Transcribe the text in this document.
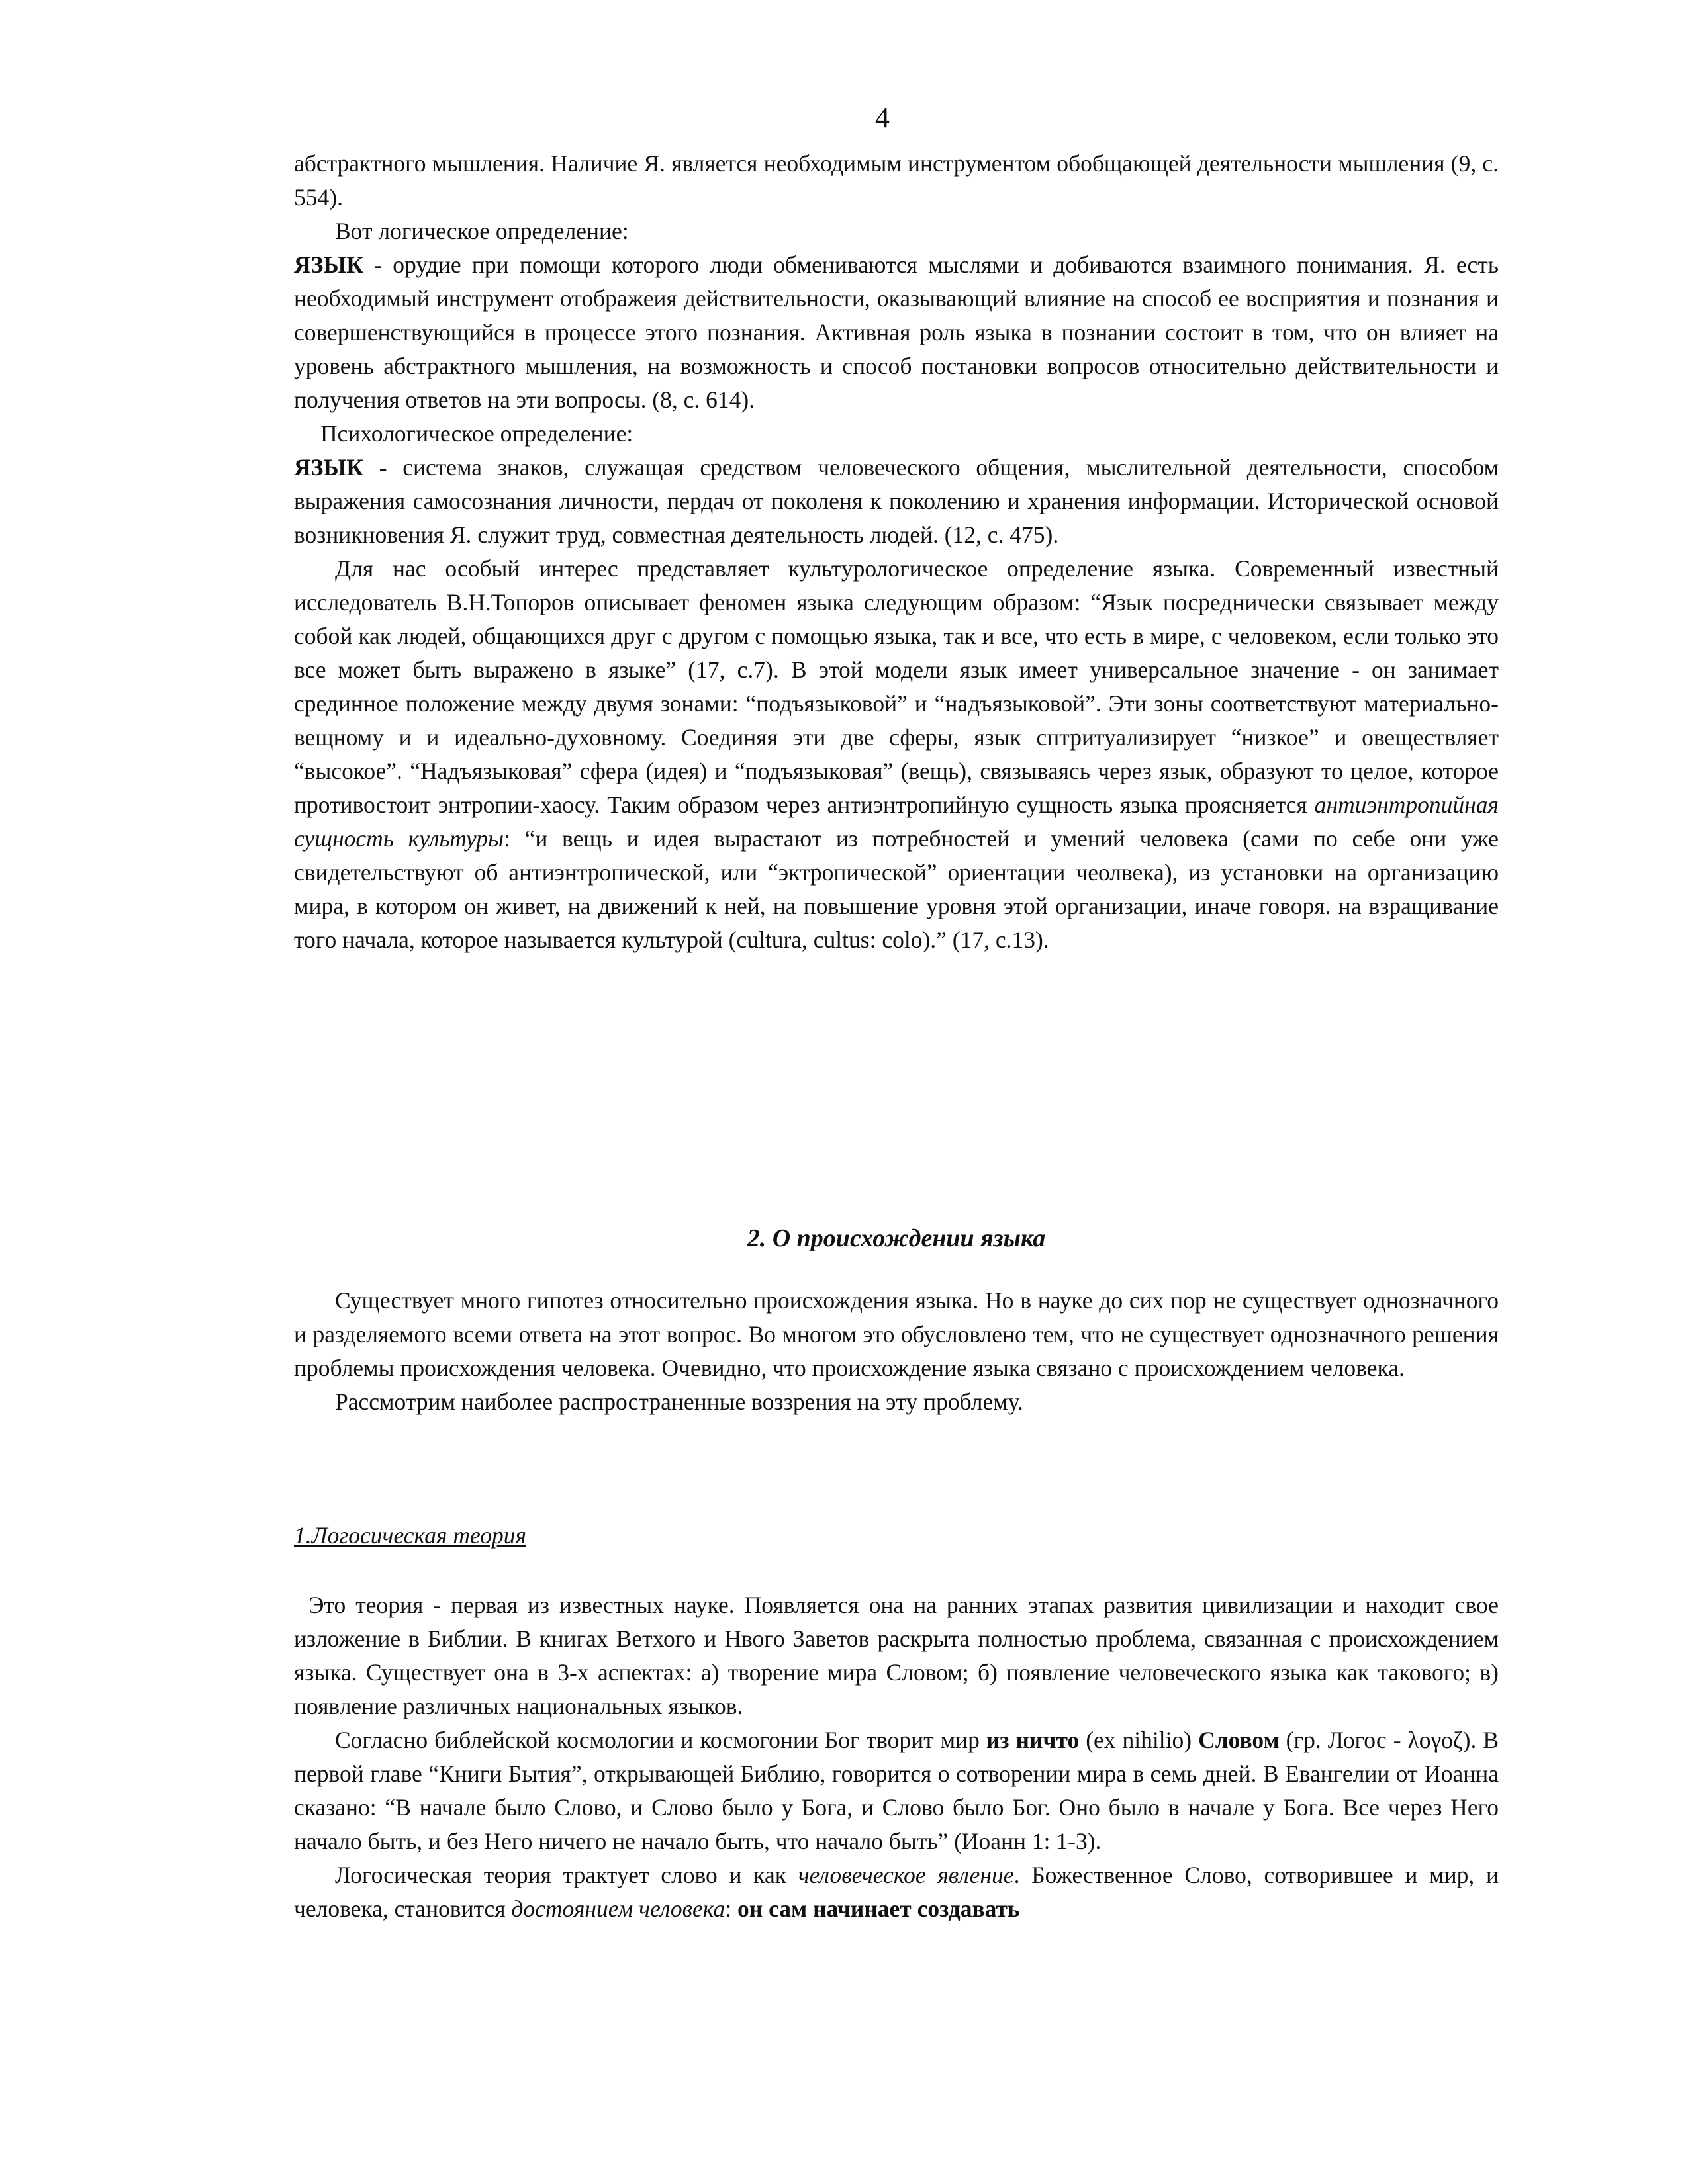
4

абстрактного мышления. Наличие Я. является необходимым инструментом обобщающей деятельности мышления (9, с. 554).

Вот логическое определение:

ЯЗЫК - орудие при помощи которого люди обмениваются мыслями и добиваются взаимного понимания. Я. есть необходимый инструмент отображеия действительности, оказывающий влияние на способ ее восприятия и познания и совершенствующийся в процессе этого познания. Активная роль языка в познании состоит в том, что он влияет на уровень абстрактного мышления, на возможность и способ постановки вопросов относительно действительности и получения ответов на эти вопросы. (8, с. 614).

Психологическое определение:

ЯЗЫК - система знаков, служащая средством человеческого общения, мыслительной деятельности, способом выражения самосознания личности, пердач от поколеня к поколению и хранения информации. Исторической основой возникновения Я. служит труд, совместная деятельность людей. (12, с. 475).

Для нас особый интерес представляет культурологическое определение языка. Современный известный исследователь В.Н.Топоров описывает феномен языка следующим образом: “Язык посреднически связывает между собой как людей, общающихся друг с другом с помощью языка, так и все, что есть в мире, с человеком, если только это все может быть выражено в языке” (17, с.7). В этой модели язык имеет универсальное значение - он занимает срединное положение между двумя зонами: “подъязыковой” и “надъязыковой”. Эти зоны соответствуют материально-вещному и и идеально-духовному. Соединяя эти две сферы, язык сптритуализирует “низкое” и овеществляет “высокое”. “Надъязыковая” сфера (идея) и “подъязыковая” (вещь), связываясь через язык, образуют то целое, которое противостоит энтропии-хаосу. Таким образом через антиэнтропийную сущность языка проясняется антиэнтропийная сущность культуры: “и вещь и идея вырастают из потребностей и умений человека (сами по себе они уже свидетельствуют об антиэнтропической, или “эктропической” ориентации чеолвека), из установки на организацию мира, в котором он живет, на движений к ней, на повышение уровня этой организации, иначе говоря. на взращивание того начала, которое называется культурой (cultura, cultus: colo).” (17, с.13).

2. О происхождении языка

Существует много гипотез относительно происхождения языка. Но в науке до сих пор не существует однозначного и разделяемого всеми ответа на этот вопрос. Во многом это обусловлено тем, что не существует однозначного решения проблемы происхождения человека. Очевидно, что происхождение языка связано с происхождением человека.

Рассмотрим наиболее распространенные воззрения на эту проблему.

1.Логосическая теория

Это теория - первая из известных науке. Появляется она на ранних этапах развития цивилизации и находит свое изложение в Библии. В книгах Ветхого и Нвого Заветов раскрыта полностью проблема, связанная с происхождением языка. Существует она в 3-х аспектах: а) творение мира Словом; б) появление человеческого языка как такового; в) появление различных национальных языков.

Согласно библейской космологии и космогонии Бог творит мир из ничто (ex nihilio) Словом (гр. Логос - λογοζ). В первой главе “Книги Бытия”, открывающей Библию, говорится о сотворении мира в семь дней. В Евангелии от Иоанна сказано: “В начале было Слово, и Слово было у Бога, и Слово было Бог. Оно было в начале у Бога. Все через Него начало быть, и без Него ничего не начало быть, что начало быть” (Иоанн 1: 1-3).

Логосическая теория трактует слово и как человеческое явление. Божественное Слово, сотворившее и мир, и человека, становится достоянием человека: он сам начинает создавать
